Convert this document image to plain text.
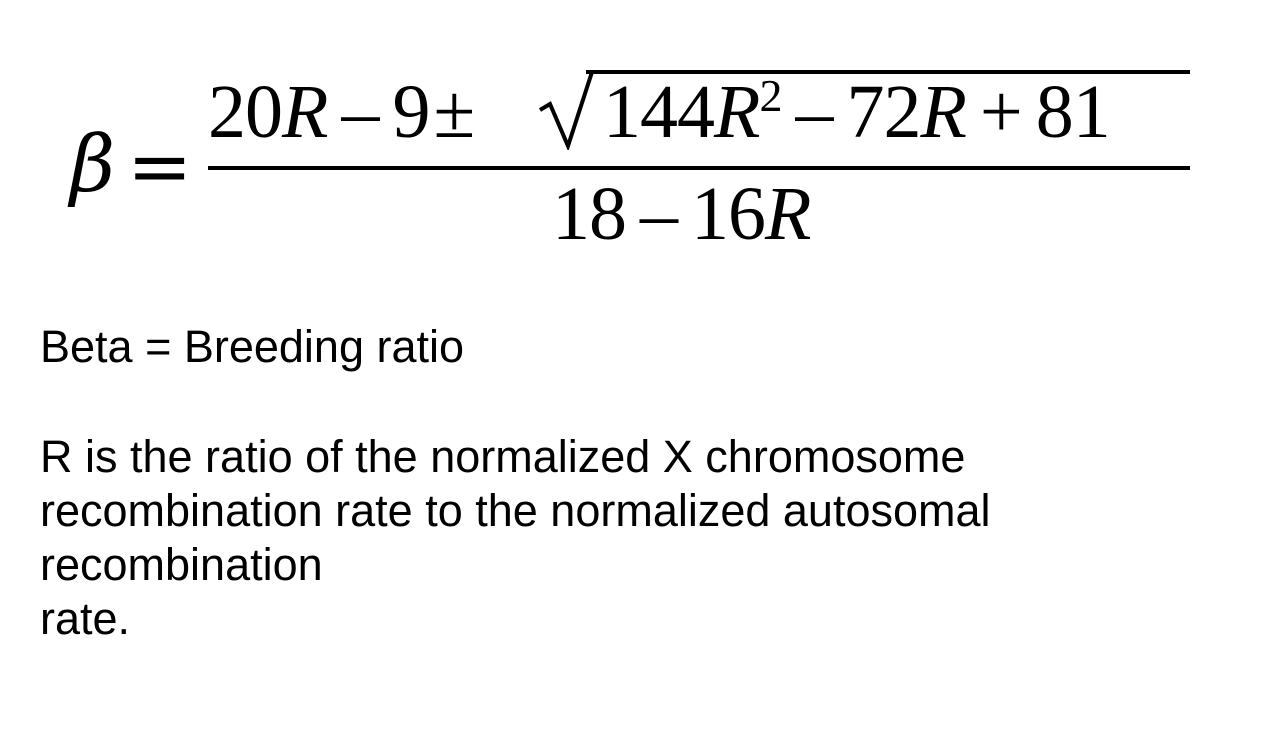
β =
$20R - 9\pm 144R^2 - 72R + 81$
18 – 16R
Beta = Breeding ratio
R is the ratio of the normalized X chromosome
recombination rate to the normalized autosomal
recombination
rate.
